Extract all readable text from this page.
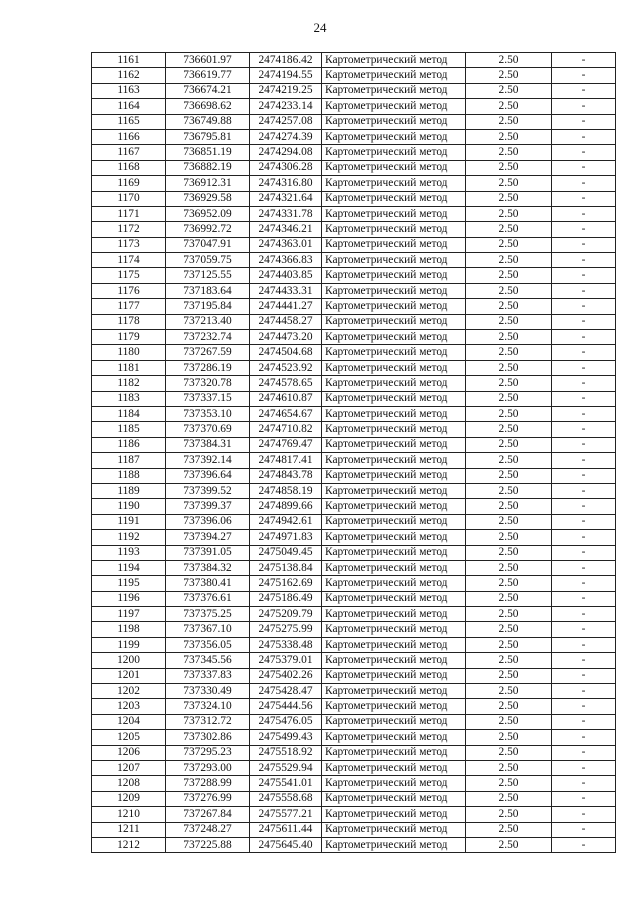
24
1161	736601.97	2474186.42	Картометрический метод	2.50	-
1162	736619.77	2474194.55	Картометрический метод	2.50	-
1163	736674.21	2474219.25	Картометрический метод	2.50	-
1164	736698.62	2474233.14	Картометрический метод	2.50	-
1165	736749.88	2474257.08	Картометрический метод	2.50	-
1166	736795.81	2474274.39	Картометрический метод	2.50	-
1167	736851.19	2474294.08	Картометрический метод	2.50	-
1168	736882.19	2474306.28	Картометрический метод	2.50	-
1169	736912.31	2474316.80	Картометрический метод	2.50	-
1170	736929.58	2474321.64	Картометрический метод	2.50	-
1171	736952.09	2474331.78	Картометрический метод	2.50	-
1172	736992.72	2474346.21	Картометрический метод	2.50	-
1173	737047.91	2474363.01	Картометрический метод	2.50	-
1174	737059.75	2474366.83	Картометрический метод	2.50	-
1175	737125.55	2474403.85	Картометрический метод	2.50	-
1176	737183.64	2474433.31	Картометрический метод	2.50	-
1177	737195.84	2474441.27	Картометрический метод	2.50	-
1178	737213.40	2474458.27	Картометрический метод	2.50	-
1179	737232.74	2474473.20	Картометрический метод	2.50	-
1180	737267.59	2474504.68	Картометрический метод	2.50	-
1181	737286.19	2474523.92	Картометрический метод	2.50	-
1182	737320.78	2474578.65	Картометрический метод	2.50	-
1183	737337.15	2474610.87	Картометрический метод	2.50	-
1184	737353.10	2474654.67	Картометрический метод	2.50	-
1185	737370.69	2474710.82	Картометрический метод	2.50	-
1186	737384.31	2474769.47	Картометрический метод	2.50	-
1187	737392.14	2474817.41	Картометрический метод	2.50	-
1188	737396.64	2474843.78	Картометрический метод	2.50	-
1189	737399.52	2474858.19	Картометрический метод	2.50	-
1190	737399.37	2474899.66	Картометрический метод	2.50	-
1191	737396.06	2474942.61	Картометрический метод	2.50	-
1192	737394.27	2474971.83	Картометрический метод	2.50	-
1193	737391.05	2475049.45	Картометрический метод	2.50	-
1194	737384.32	2475138.84	Картометрический метод	2.50	-
1195	737380.41	2475162.69	Картометрический метод	2.50	-
1196	737376.61	2475186.49	Картометрический метод	2.50	-
1197	737375.25	2475209.79	Картометрический метод	2.50	-
1198	737367.10	2475275.99	Картометрический метод	2.50	-
1199	737356.05	2475338.48	Картометрический метод	2.50	-
1200	737345.56	2475379.01	Картометрический метод	2.50	-
1201	737337.83	2475402.26	Картометрический метод	2.50	-
1202	737330.49	2475428.47	Картометрический метод	2.50	-
1203	737324.10	2475444.56	Картометрический метод	2.50	-
1204	737312.72	2475476.05	Картометрический метод	2.50	-
1205	737302.86	2475499.43	Картометрический метод	2.50	-
1206	737295.23	2475518.92	Картометрический метод	2.50	-
1207	737293.00	2475529.94	Картометрический метод	2.50	-
1208	737288.99	2475541.01	Картометрический метод	2.50	-
1209	737276.99	2475558.68	Картометрический метод	2.50	-
1210	737267.84	2475577.21	Картометрический метод	2.50	-
1211	737248.27	2475611.44	Картометрический метод	2.50	-
1212	737225.88	2475645.40	Картометрический метод	2.50	-
